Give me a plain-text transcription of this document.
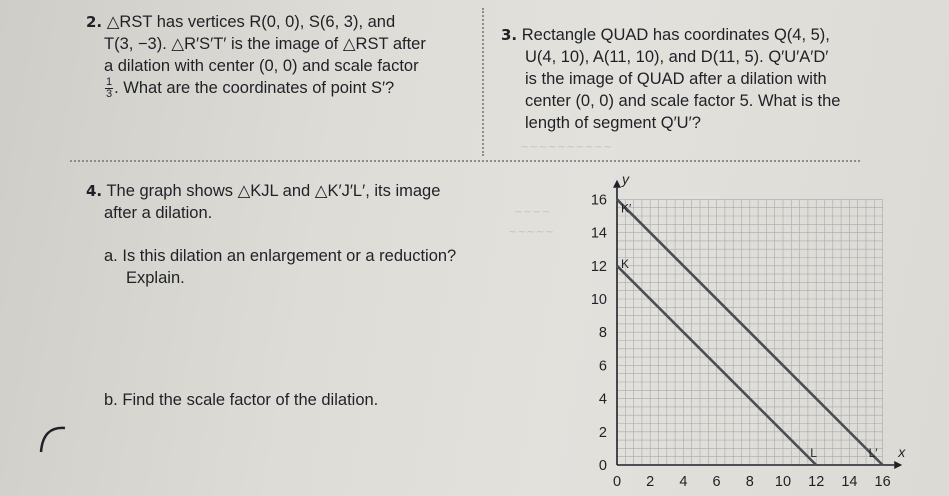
2. △RST has vertices R(0, 0), S(6, 3), and
T(3, −3). △R′S′T′ is the image of △RST after
a dilation with center (0, 0) and scale factor
$\frac{1}{3}$ . What are the coordinates of point S′?
3. Rectangle QUAD has coordinates Q(4, 5),
U(4, 10), A(11, 10), and D(11, 5). Q′U′A′D′
is the image of QUAD after a dilation with
center (0, 0) and scale factor 5. What is the
length of segment Q′U′?
~~~~
~~~~~
~~~~~~~~~~
4. The graph shows △KJL and △K′J′L′, its image
after a dilation.
a. Is this dilation an enlargement or a reduction?
Explain.
b. Find the scale factor of the dilation.
x
y
16
14
12
10
8
6
4
2
0
0 2 4 6 8 10 12 14 16
K′
K
L	L′
